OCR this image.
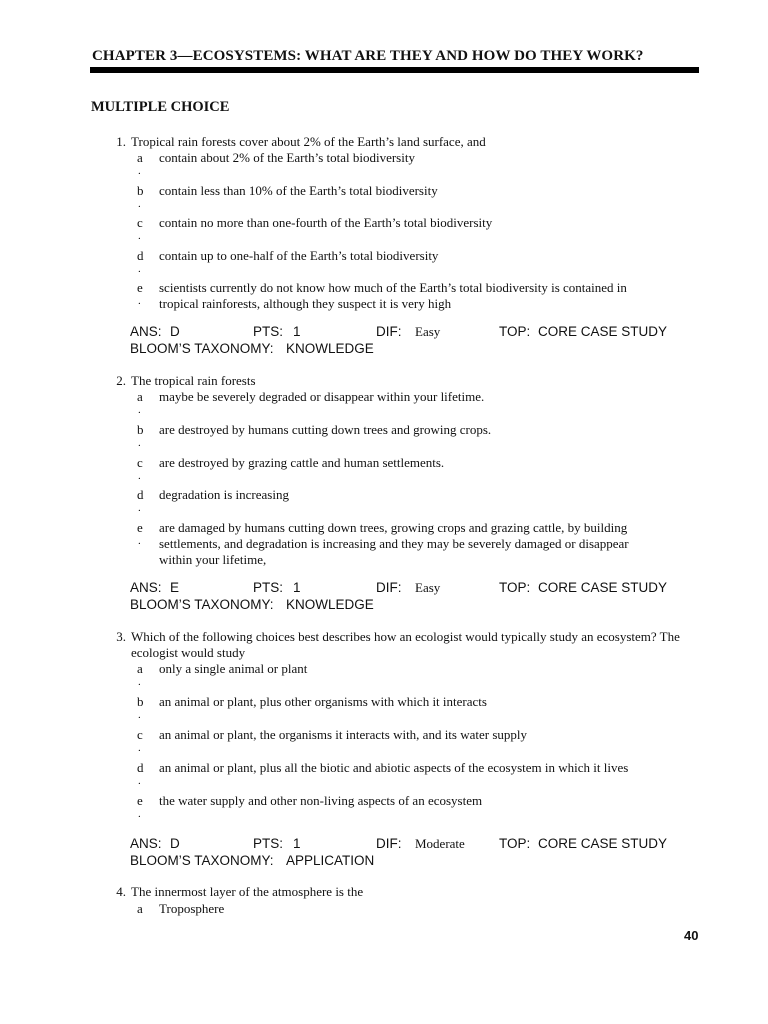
CHAPTER 3—ECOSYSTEMS: WHAT ARE THEY AND HOW DO THEY WORK?
MULTIPLE CHOICE
1. Tropical rain forests cover about 2% of the Earth’s land surface, and
a
.
contain about 2% of the Earth’s total biodiversity
b
.
contain less than 10% of the Earth’s total biodiversity
c
.
contain no more than one-fourth of the Earth’s total biodiversity
d
.
contain up to one-half of the Earth’s total biodiversity
e
.
scientists currently do not know how much of the Earth’s total biodiversity is contained in tropical rainforests, although they suspect it is very high
ANS: D	PTS: 1	DIF: Easy	TOP: CORE CASE STUDY
BLOOM’S TAXONOMY: KNOWLEDGE
2. The tropical rain forests
a
.
maybe be severely degraded or disappear within your lifetime.
b
.
are destroyed by humans cutting down trees and growing crops.
c
.
are destroyed by grazing cattle and human settlements.
d
.
degradation is increasing
e
.
are damaged by humans cutting down trees, growing crops and grazing cattle, by building settlements, and degradation is increasing and they may be severely damaged or disappear within your lifetime,
ANS: E	PTS: 1	DIF: Easy	TOP: CORE CASE STUDY
BLOOM’S TAXONOMY: KNOWLEDGE
3. Which of the following choices best describes how an ecologist would typically study an ecosystem? The ecologist would study
a
.
only a single animal or plant
b
.
an animal or plant, plus other organisms with which it interacts
c
.
an animal or plant, the organisms it interacts with, and its water supply
d
.
an animal or plant, plus all the biotic and abiotic aspects of the ecosystem in which it lives
e
.
the water supply and other non-living aspects of an ecosystem
ANS: D	PTS: 1	DIF: Moderate	TOP: CORE CASE STUDY
BLOOM’S TAXONOMY: APPLICATION
4. The innermost layer of the atmosphere is the
a Troposphere
40
